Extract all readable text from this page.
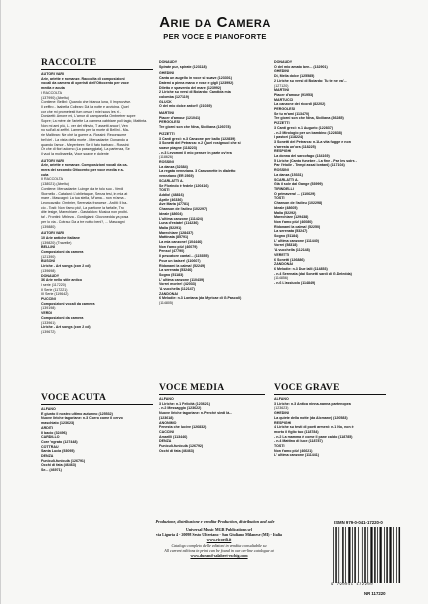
Arie da Camera
PER VOCE E PIANOFORTE
RACCOLTE
AUTORI VARI
Arie, ariette e romanze. Raccolta di composizioni
vocali da camera di operisti dell'Ottocento per voce
media e acuta
I RACCOLTA
(137990) (Abeltu)
Contiene: Bellini: Quando che bianca luna, Il Improvvise.
Il zeffiro - Isabella Colbran: Dà la notte e avvicina. Quel
cor che mi prometesti fum cesur i miei sous les ri -
Donizetti: Amore mi, L'amor di campanella Ombretrer sopre
Sopre; La mère de l'ariette La camera cabbiare poli tagio, Mattinta.
Non mi ami più, L. ver del rifinvio, T assetti ancor!, Ven
no sull'ali ai zeffiri. Lamento per la morte di Bellini - Ma-
rie Malibran: Ne chè la guerre a. Rossini: Reconsume
bel'ciel - La vista della morte - Mercadante: Donando a
quando l'amor - Meyerbeer: Se il fato barbaro - Rossini:
Or che di fiori adorno (La passeggiata), La partenza, Se
il vuol la molinarella, Voce soave e dolente
AUTORI VARI
Arie, ariette e romanze. Composizioni vocali da ca-
mera dei secondo Ottocento per voce media e a-
cuta
II RACCOLTA
(138021) (Abeltu)
Contiene: Mercadante: Luinge da te tolo suo - Verdi
Stornello - Catalani: L'oblietaque, Senza tesi, in mia at
mare - Mascagni: La tua stella, M'ama... non m'ama -
Leoncavallo: Ombrier, Serenata francese - Arditi: Il ba-
cio - Tosti: Non t'amo più!, La partione la farfalle, Tro
dite lesige, Marechiare - Gastaldon: Musica non proibi-
ta! - Frontini: Mbleza - Gordigiani: Giovonedda ya posa
per lo via - Cotrau: Da a tre notto beni?, ... Mascagni
(139880)
AUTORI VARI
10 Arie antiche italiane
(139820) (Travelle)
BELLINI
Composizioni da camera
(121390)
BUSONI
Liriche - Art songs (con 2 cd)
(139698)
DONAUDY
36 Arie nello stile antico
I serie (117220)
II Serie (117221)
III Serie (119642)
PUCCINI
Composizioni vocali da camera
(139198)
VERDI
Composizioni da camera
(133961)
Liriche - Art songs (con 2 cd)
(139672)
VOCE ACUTA
ALFANO
E giunto il nostro ultimo autunno (125532)
Nuove liriche tagoriane: n.3 Corro come il cervo
maschiato (123623)
ARDITI
Il bacio (32496)
CARDILLO
Core 'ngrato (127448)
COTTRAU
Santa Lucia (53095)
DENZA
Funiculì-funiculà (126791)
Occhi di fata (46463)
Se... (46971)
DONAUDY
Spirate pur, spirate (123118)
GHEDINI
Canta un augello in voce si suave (123301)
Datemi a piena mano e rose e gigli (123992)
Diletto e spavento del mare (123992)
2 Liriche su versi di Boiardo: Candida mia
colomba (127119)
GLUCK
O del mio dolce ardor!! (21039)
MARTINI
Piacer d'amour (121041)
PERGOLESI
Tre giorni son che Nina, Siciliana (126078)
PIZZETTI
3 Canti greci: n.3 Canzone per ballo (122839)
3 Sonetti del Petrarca: n.2 Quel rosignuol che si
soave piagne (118223)
- n.3 Levommi il mio penser in parte ov'era
(118626)
ROSSINI
La danza (32384)
La regata veneziana. 3 Canzonette in dialetto
veneziano (ER 2569)
SCARLATTI A.
Se Florindo è fedele (120416)
TOSTI
Addio! (48816)
Aprile (46336)
Ave Maria (47781)
Chanson de l'adieu (102297)
Ideale (48604)
L'ultima canzone (111424)
Luna d'estate! (114236)
Malia (52291)
Marechiare (128437)
Mattinata (85791)
La mia canzone! (104446)
Non t'amo più! (46079)
Penso! (47790)
Il pescatore canta!... (115355)
Pour un baiser! (110607)
Ridonami la calma! (52249)
La serenata (53246)
Sogno (51183)
L' ultima canzone (110439)
Vorrei morire! (42033)
'A vucchella (112147)
ZANDONAI
6 Melodie: n.3 Lontana (da Myricae di G.Pascoli)
(114805)
VOCE MEDIA
ALFANO
3 Liriche: n.1 Felicità (123621)
- n.2 Messaggio (123622)
Nuove liriche tagoriane: n.Perchè siedi là...
(123618)
ANONIMO
Fenesta che lucive (126832)
CACCINI
Amarilli (113446)
DENZA
Funiculì-funiculà (126792)
Occhi di fata (46463)
DONAUDY
O del mio amato ben... (132901)
GHEDINI
Di, Melia dolce (125585)
2 Liriche su versi di Boiardo: Tu te ne va'...
(127120)
MARTINI
Piacer d'amour (91953)
MARTUCCI
La canzone dei ricordi (82202)
PERGOLESI
Se tu m'ami (113470)
Tre giorni son che Nina, Siciliana (36285)
PIZZETTI
3 Canti greci: n.1 Augurio (122837)
- n.2 Mirologio per un bambino (122838)
I pastori (118224)
3 Sonetti del Petrarca: n.1La vita fugge e non
s'arresta un'ora (118225)
RESPIGHI
La donna del sarcofago (134169)
5 Liriche (Canto funebre - La fine - Par les soirs -
Par l'étoile - Tempi assai lontani) (117104)
ROSSINI
La danza (15331)
SCARLATTI A.
Già il sole dal Gange (53999)
TIRINDELLI
O primavera! ... (110629)
TOSTI
Chanson de l'adieu (102298)
Ideale (48605)
Malia (52292)
Marechiare (129438)
Non t'amo più! (46080)
Ridonami la calma! (52250)
La serenata (53247)
Sogno (51184)
L' ultima canzone (111440)
Vorrei (58318)
'A vucchella (112148)
VERETTI
6 Sonetti (126886)
ZANDONAI
6 Melodie: n.3 Due lalli (114853)
- n.4 Serenata (dai Sonetti sardi di G.Deledda)
(114856)
- n.6 L'assiuolo (114849)
VOCE GRAVE
ALFANO
3 Liriche: n.3 Antica ninna-nanna partenopea
(123623)
GHEDINI
La quiete della notte (da Alcmane) (120583)
RESPIGHI
4 Liriche su testi di poeti armeni: n.1 No, non è
morto il figlio tuo (118784)
- n.2 La mamma è come il pane caldo (118785)
- n.4 Mattino di luce (118787)
TOSTI
Non t'amo più! (46621)
L' ultima canzone (111441)
Produzione, distribuzione e vendita-Production, distribution and sale
Universal Music MGB Publications srl
via Liguria 4 - 20098 Sesto Ulteriano - San Giuliano Milanese (MI) - Italia
www.ricordi.it
Catalogo completo delle edizioni in vendita consultabile su
All current editions in print can be found in our on-line catalogue at
www.durand-salabert-eschig.com
ISMN 979-0-041-17220-0
9 790041 172200
NR 117220
